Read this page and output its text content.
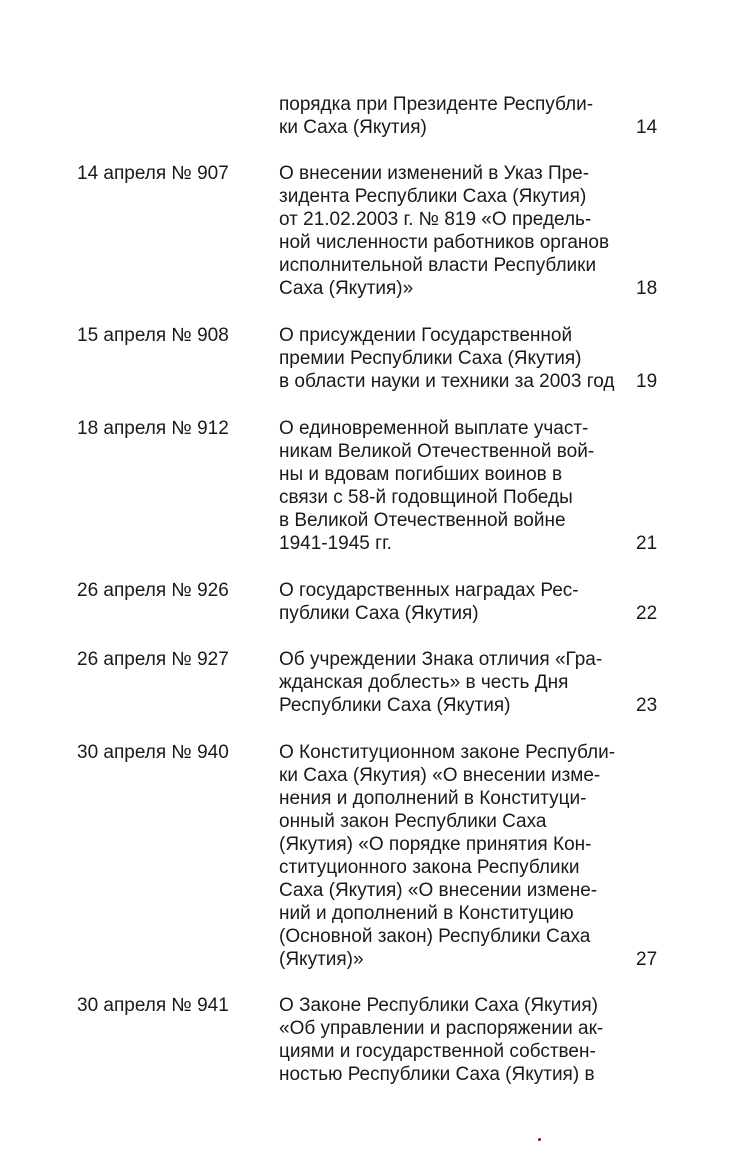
порядка при Президенте Республи-
ки Саха (Якутия)	14
14 апреля № 907	О внесении изменений в Указ Пре-
зидента Республики Саха (Якутия)
от 21.02.2003 г. № 819 «О предель-
ной численности работников органов
исполнительной власти Республики
Саха (Якутия)»	18
15 апреля № 908	О присуждении Государственной
премии Республики Саха (Якутия)
в области науки и техники за 2003 год	19
18 апреля № 912	О единовременной выплате участ-
никам Великой Отечественной вой-
ны и вдовам погибших воинов в
связи с 58-й годовщиной Победы
в Великой Отечественной войне
1941-1945 гг.	21
26 апреля № 926	О государственных наградах Рес-
публики Саха (Якутия)	22
26 апреля № 927	Об учреждении Знака отличия «Гра-
жданская доблесть» в честь Дня
Республики Саха (Якутия)	23
30 апреля № 940	О Конституционном законе Республи-
ки Саха (Якутия) «О внесении изме-
нения и дополнений в Конституци-
онный закон Республики Саха
(Якутия) «О порядке принятия Кон-
ституционного закона Республики
Саха (Якутия) «О внесении измене-
ний и дополнений в Конституцию
(Основной закон) Республики Саха
(Якутия)»	27
30 апреля № 941	О Законе Республики Саха (Якутия)
«Об управлении и распоряжении ак-
циями и государственной собствен-
ностью Республики Саха (Якутия) в
